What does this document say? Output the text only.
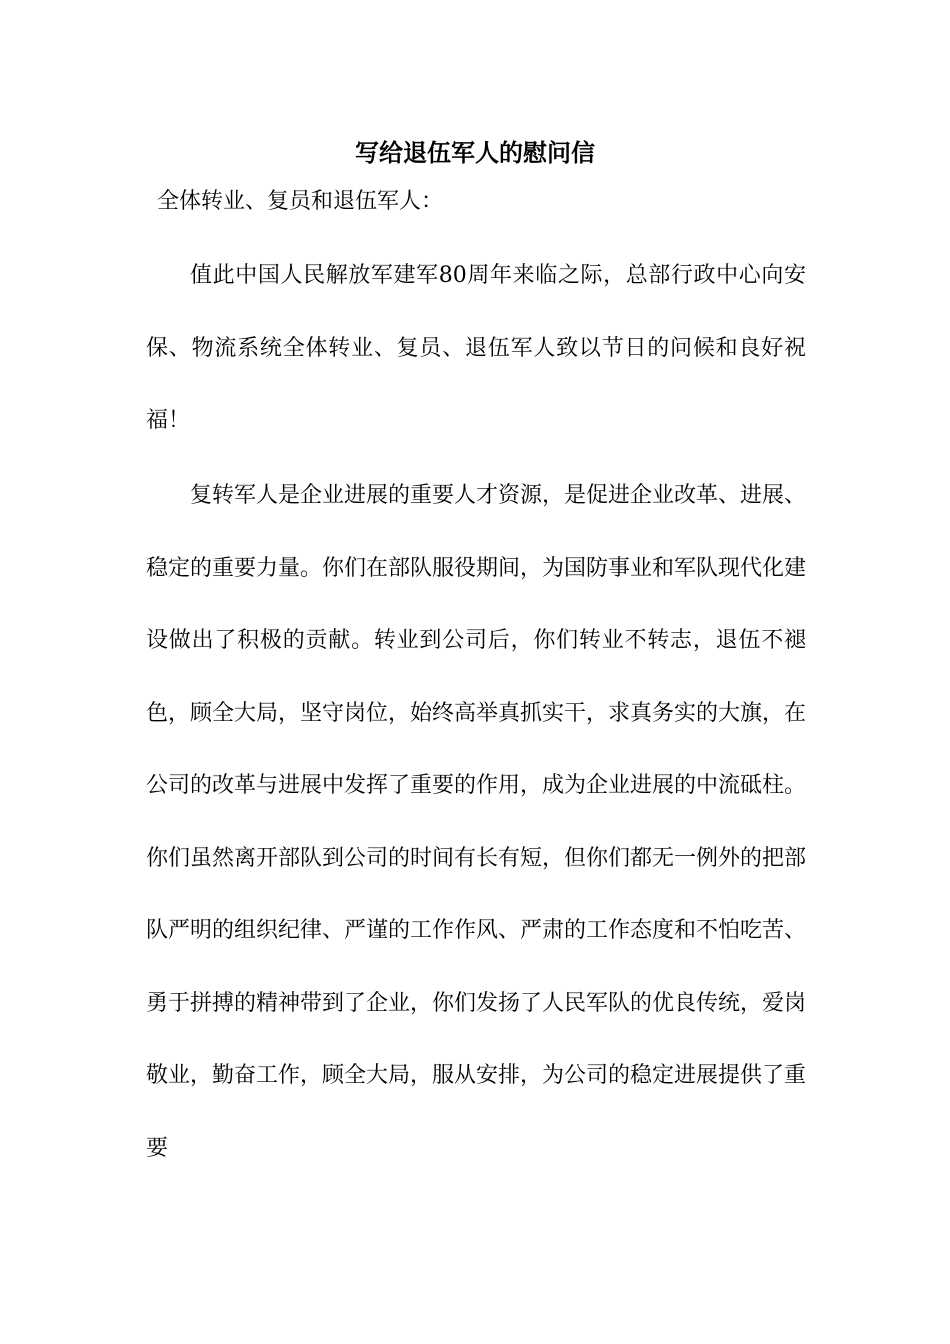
写给退伍军人的慰问信
全体转业、复员和退伍军人：

值此中国人民解放军建军80周年来临之际，总部行政中心向安保、物流系统全体转业、复员、退伍军人致以节日的问候和良好祝福！

复转军人是企业进展的重要人才资源，是促进企业改革、进展、稳定的重要力量。你们在部队服役期间，为国防事业和军队现代化建设做出了积极的贡献。转业到公司后，你们转业不转志，退伍不褪色，顾全大局，坚守岗位，始终高举真抓实干，求真务实的大旗，在公司的改革与进展中发挥了重要的作用，成为企业进展的中流砥柱。你们虽然离开部队到公司的时间有长有短，但你们都无一例外的把部队严明的组织纪律、严谨的工作作风、严肃的工作态度和不怕吃苦、勇于拼搏的精神带到了企业，你们发扬了人民军队的优良传统，爱岗敬业，勤奋工作，顾全大局，服从安排，为公司的稳定进展提供了重要
